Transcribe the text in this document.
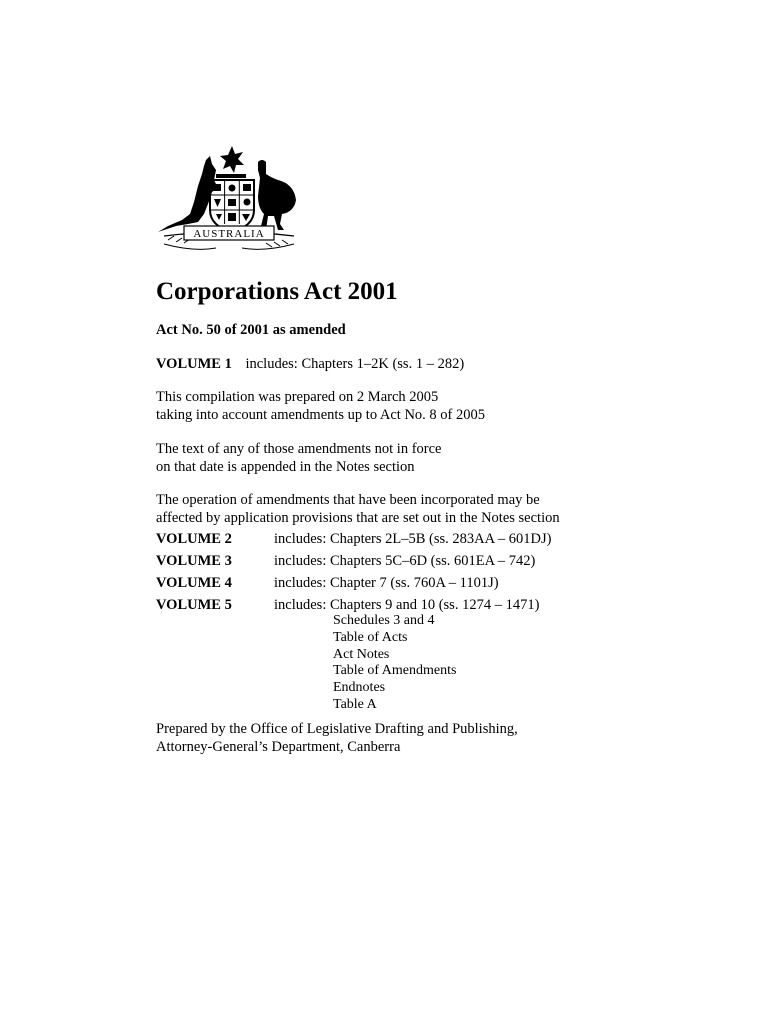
AUSTRALIA
Corporations Act 2001
Act No. 50 of 2001 as amended
VOLUME 1 includes: Chapters 1–2K (ss. 1 – 282)
This compilation was prepared on 2 March 2005
taking into account amendments up to Act No. 8 of 2005
The text of any of those amendments not in force
on that date is appended in the Notes section
The operation of amendments that have been incorporated may be
affected by application provisions that are set out in the Notes section
VOLUME 2	includes: Chapters 2L–5B (ss. 283AA – 601DJ)
VOLUME 3	includes: Chapters 5C–6D (ss. 601EA – 742)
VOLUME 4	includes: Chapter 7 (ss. 760A – 1101J)
VOLUME 5	includes: Chapters 9 and 10 (ss. 1274 – 1471)
Schedules 3 and 4
Table of Acts
Act Notes
Table of Amendments
Endnotes
Table A
Prepared by the Office of Legislative Drafting and Publishing,
Attorney-General’s Department, Canberra
